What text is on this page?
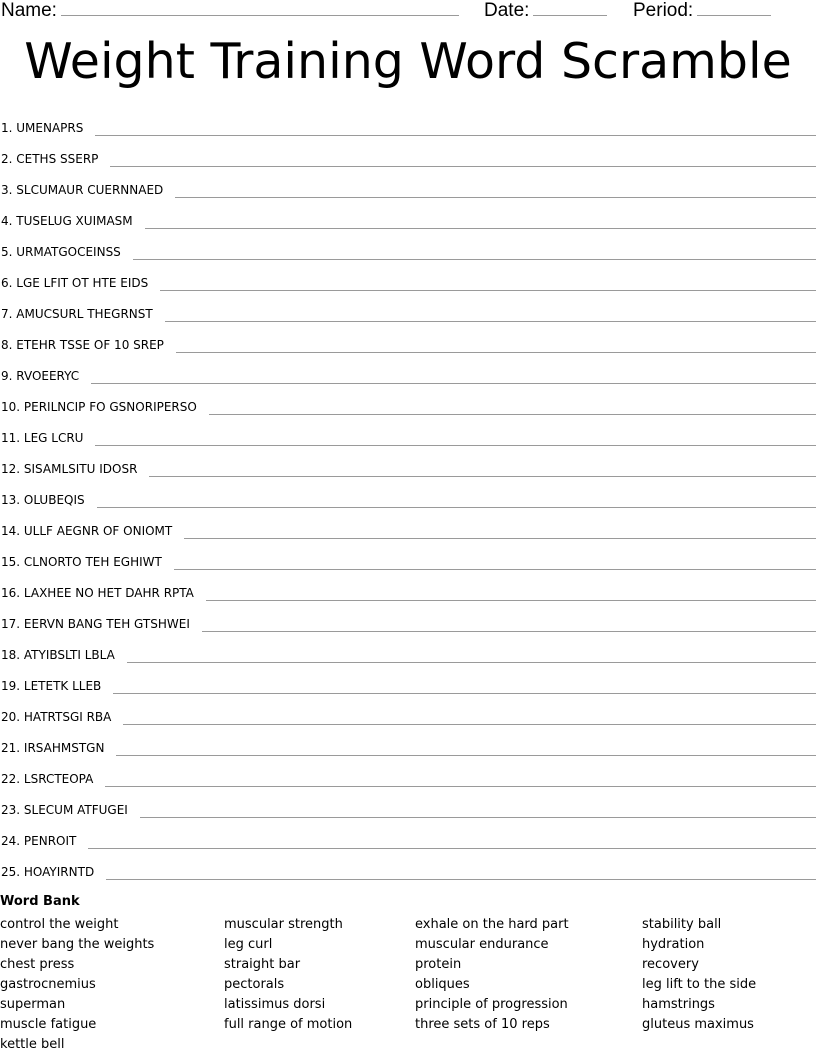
Name:	Date:	Period:
Weight Training Word Scramble
1. UMENAPRS
2. CETHS SSERP
3. SLCUMAUR CUERNNAED
4. TUSELUG XUIMASM
5. URMATGOCEINSS
6. LGE LFIT OT HTE EIDS
7. AMUCSURL THEGRNST
8. ETEHR TSSE OF 10 SREP
9. RVOEERYC
10. PERILNCIP FO GSNORIPERSO
11. LEG LCRU
12. SISAMLSITU IDOSR
13. OLUBEQIS
14. ULLF AEGNR OF ONIOMT
15. CLNORTO TEH EGHIWT
16. LAXHEE NO HET DAHR RPTA
17. EERVN BANG TEH GTSHWEI
18. ATYIBSLTI LBLA
19. LETETK LLEB
20. HATRTSGI RBA
21. IRSAHMSTGN
22. LSRCTEOPA
23. SLECUM ATFUGEI
24. PENROIT
25. HOAYIRNTD
Word Bank
control the weight
never bang the weights
chest press
gastrocnemius
superman
muscle fatigue
kettle bell
muscular strength
leg curl
straight bar
pectorals
latissimus dorsi
full range of motion
exhale on the hard part
muscular endurance
protein
obliques
principle of progression
three sets of 10 reps
stability ball
hydration
recovery
leg lift to the side
hamstrings
gluteus maximus
